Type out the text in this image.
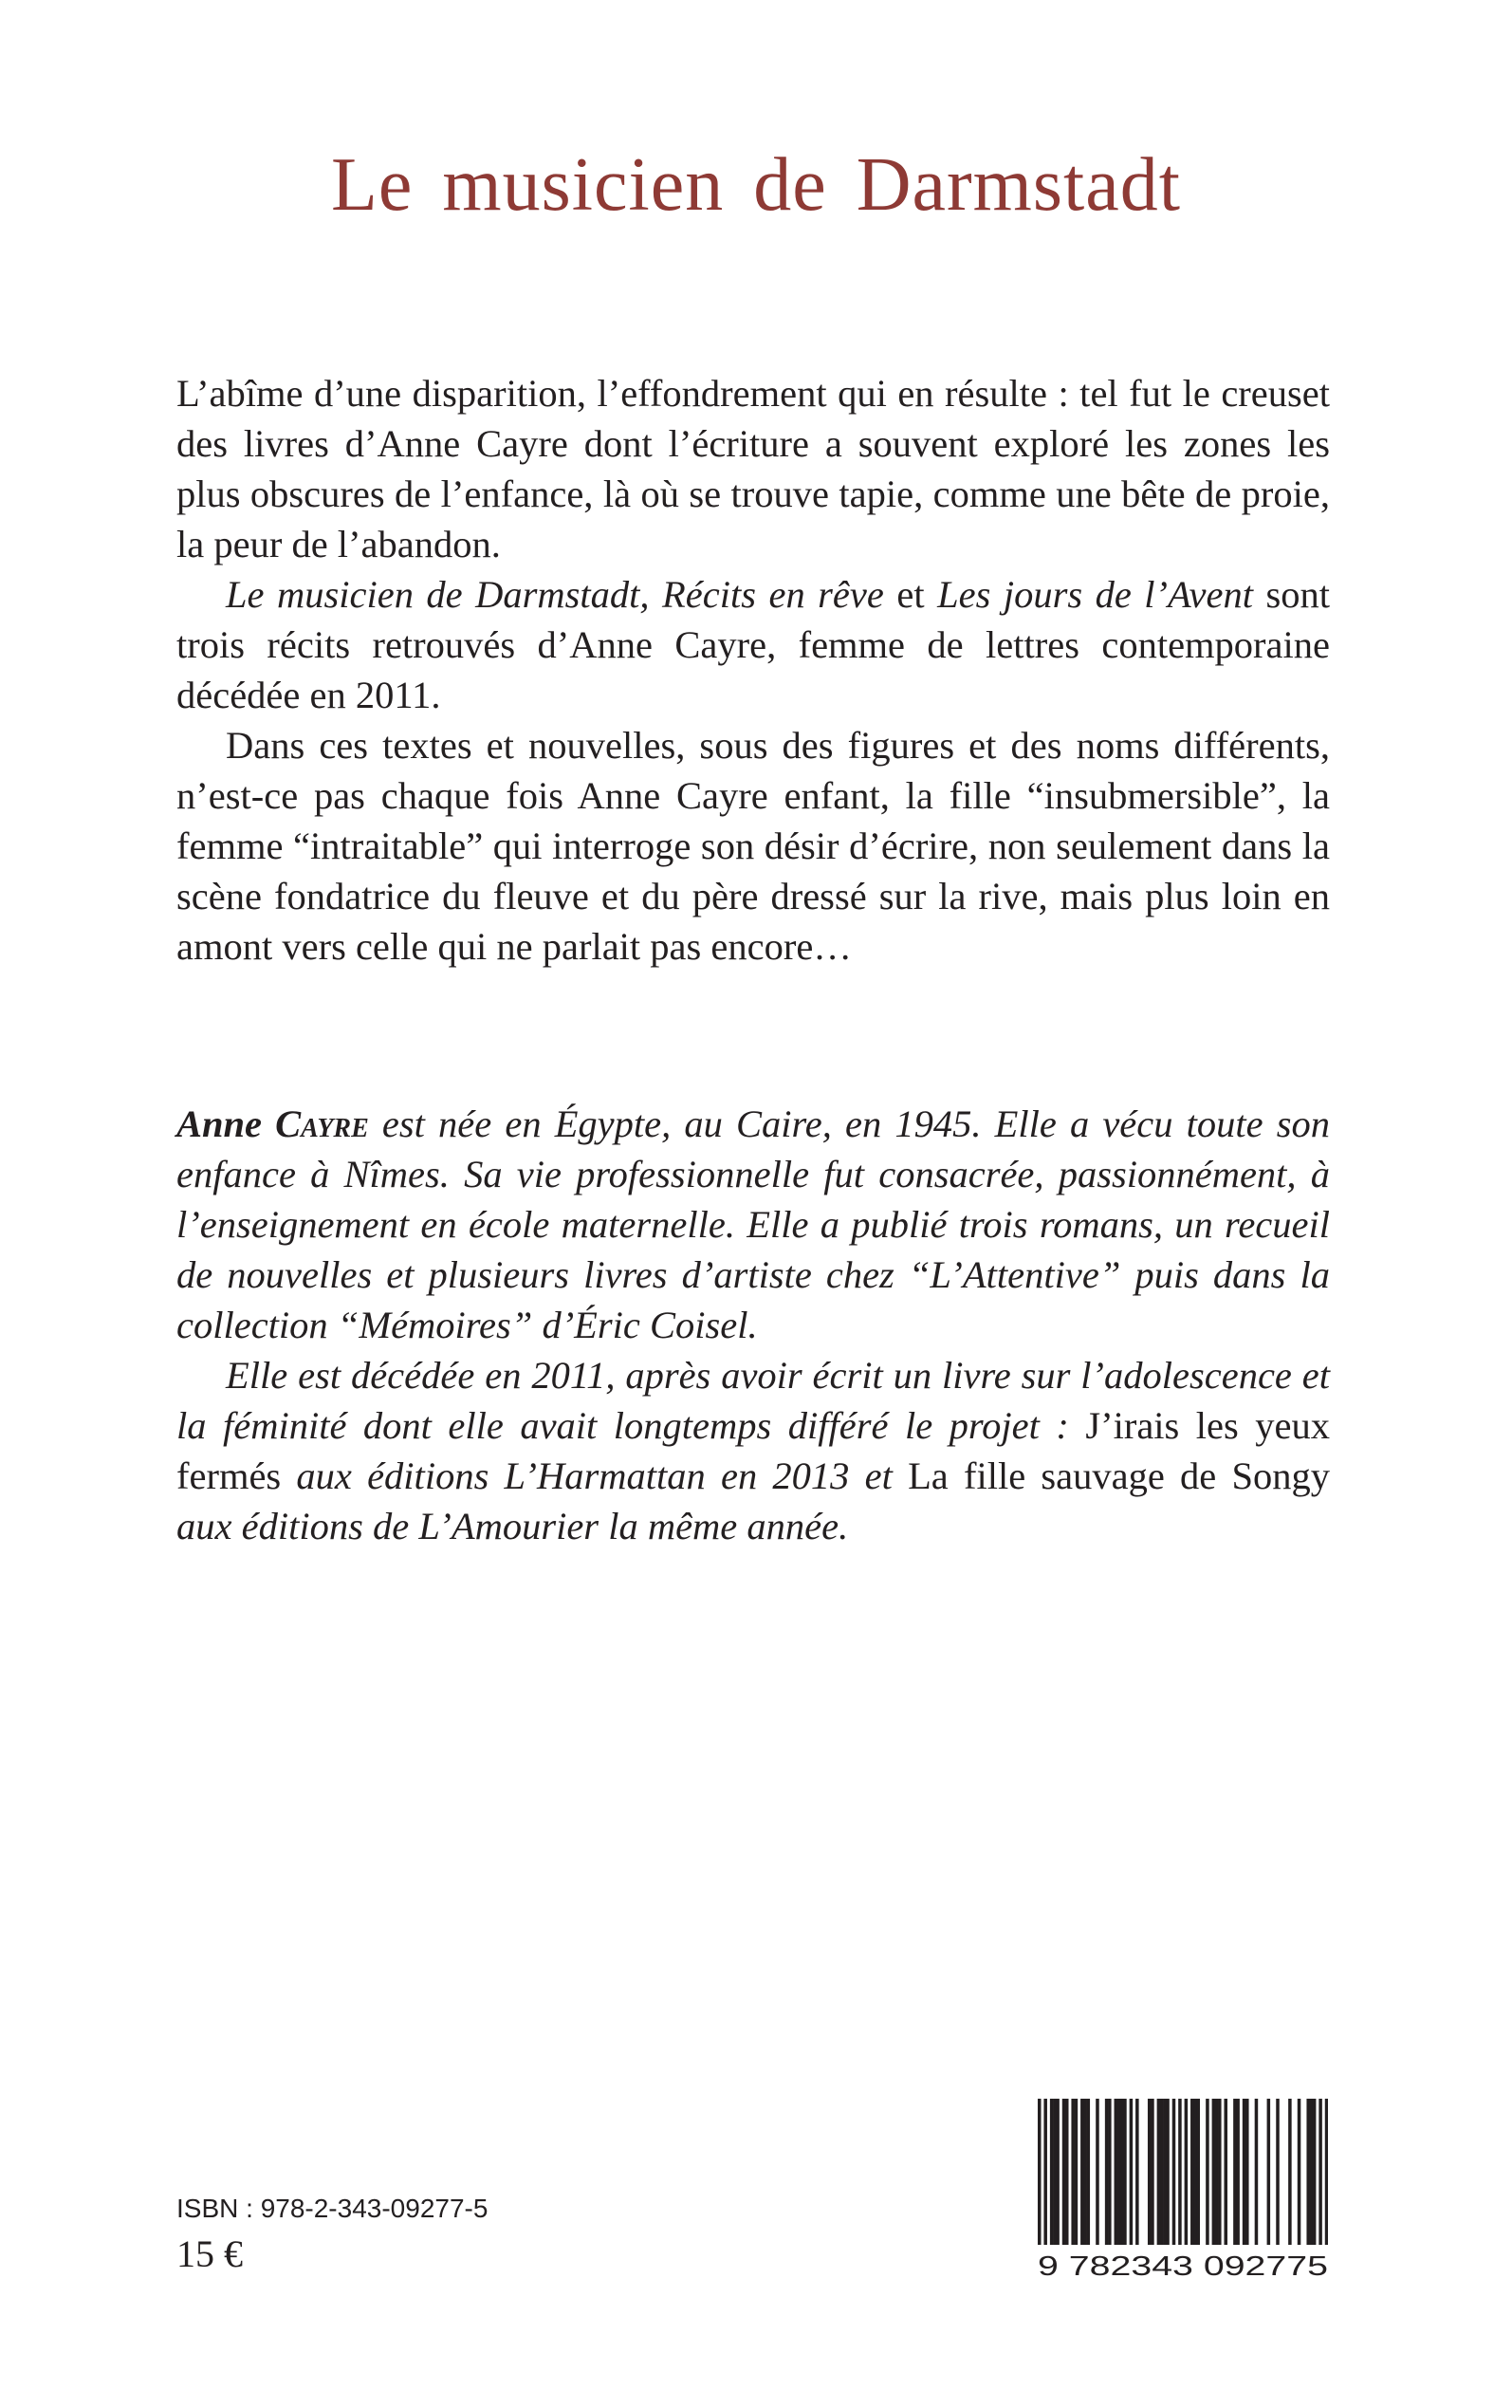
Le musicien de Darmstadt

L’abîme d’une disparition, l’effondrement qui en résulte : tel fut le creuset des livres d’Anne Cayre dont l’écriture a souvent exploré les zones les plus obscures de l’enfance, là où se trouve tapie, comme une bête de proie, la peur de l’abandon.

Le musicien de Darmstadt, Récits en rêve et Les jours de l’Avent sont trois récits retrouvés d’Anne Cayre, femme de lettres contemporaine décédée en 2011.

Dans ces textes et nouvelles, sous des figures et des noms différents, n’est-ce pas chaque fois Anne Cayre enfant, la fille “insubmersible”, la femme “intraitable” qui interroge son désir d’écrire, non seulement dans la scène fondatrice du fleuve et du père dressé sur la rive, mais plus loin en amont vers celle qui ne parlait pas encore…

Anne Cayre est née en Égypte, au Caire, en 1945. Elle a vécu toute son enfance à Nîmes. Sa vie professionnelle fut consacrée, passionnément, à l’enseignement en école maternelle. Elle a publié trois romans, un recueil de nouvelles et plusieurs livres d’artiste chez “L’Attentive” puis dans la collection “Mémoires” d’Éric Coisel.

Elle est décédée en 2011, après avoir écrit un livre sur l’adolescence et la féminité dont elle avait longtemps différé le projet : J’irais les yeux fermés aux éditions L’Harmattan en 2013 et La fille sauvage de Songy aux éditions de L’Amourier la même année.

ISBN : 978-2-343-09277-5
15 €	9 782343 092775
